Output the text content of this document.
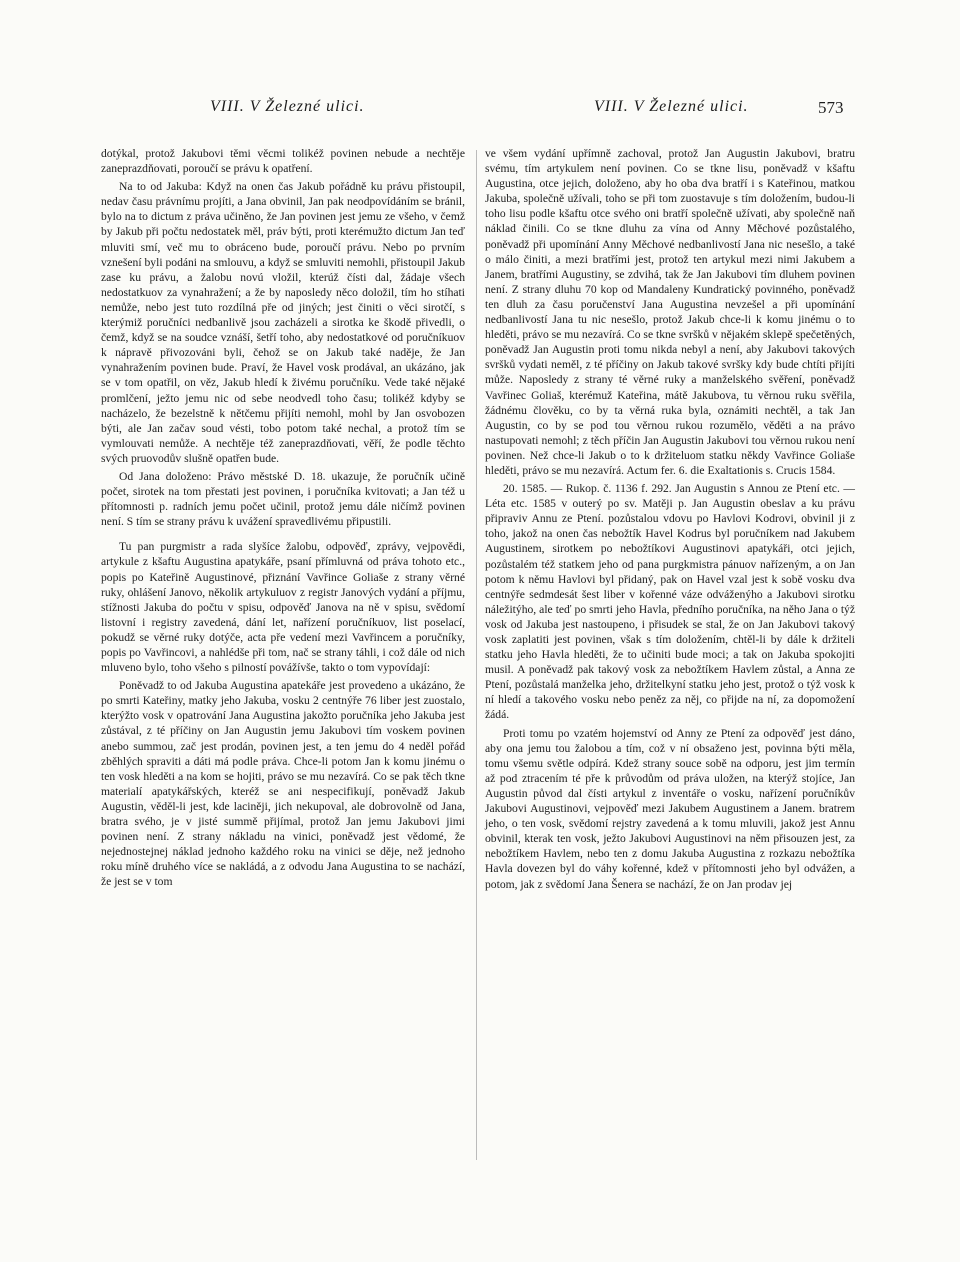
VIII. V Železné ulici.	VIII. V Železné ulici.	573

dotýkal, protož Jakubovi těmi věcmi tolikéž povinen nebude a nechtěje zaneprazdňovati, poroučí se právu k opatření.

Na to od Jakuba: Když na onen čas Jakub pořádně ku právu přistoupil, nedav času právnímu projíti, a Jana obvinil, Jan pak neodpovídáním se bránil, bylo na to dictum z práva učiněno, že Jan povinen jest jemu ze všeho, v čemž by Jakub při počtu nedostatek měl, práv býti, proti kterémužto dictum Jan teď mluviti smí, več mu to obráceno bude, poroučí právu. Nebo po prvním vznešení byli podáni na smlouvu, a když se smluviti nemohli, přistoupil Jakub zase ku právu, a žalobu novú vložil, kterúž čísti dal, žádaje všech nedostatkuov za vynahražení; a že by naposledy něco doložil, tím ho stíhati nemůže, nebo jest tuto rozdílná pře od jiných; jest činiti o věci sirotčí, s kterýmiž poručníci nedbanlivě jsou zacházeli a sirotka ke škodě přivedli, o čemž, když se na soudce vznáší, šetří toho, aby nedostatkové od poručníkuov k nápravě přivozováni byli, čehož se on Jakub také naděje, že Jan vynahražením povinen bude. Praví, že Havel vosk prodával, an ukázáno, jak se v tom opatřil, on věz, Jakub hledí k živému poručníku. Vede také nějaké promlčení, ježto jemu nic od sebe neodvedl toho času; tolikéž kdyby se nacházelo, že bezelstně k nětčemu přijíti nemohl, mohl by Jan osvobozen býti, ale Jan začav soud vésti, tobo potom také nechal, a protož tím se vymlouvati nemůže. A nechtěje též zaneprazdňovati, věří, že podle těchto svých pruovodův slušně opatřen bude.

Od Jana doloženo: Právo městské D. 18. ukazuje, že poručník učině počet, sirotek na tom přestati jest povinen, i poručníka kvitovati; a Jan též u přítomnosti p. radních jemu počet učinil, protož jemu dále ničímž povinen není. S tím se strany právu k uvážení spravedlivému připustili.

Tu pan purgmistr a rada slyšíce žalobu, odpověď, zprávy, vejpovědi, artykule z kšaftu Augustina apatykáře, psaní přímluvná od práva tohoto etc., popis po Kateřině Augustinové, přiznání Vavřince Goliaše z strany věrné ruky, ohlášení Janovo, několik artykuluov z registr Janových vydání a příjmu, stížnosti Jakuba do počtu v spisu, odpověď Janova na ně v spisu, svědomí listovní i registry zavedená, dání let, nařízení poručníkuov, list poselací, pokudž se věrné ruky dotýče, acta pře vedení mezi Vavřincem a poručníky, popis po Vavřincovi, a nahlédše při tom, nač se strany táhli, i což dále od nich mluveno bylo, toho všeho s pilností povážívše, takto o tom vypovídají:

Poněvadž to od Jakuba Augustina apatekáře jest provedeno a ukázáno, že po smrti Kateřiny, matky jeho Jakuba, vosku 2 centnýře 76 liber jest zuostalo, kterýžto vosk v opatrování Jana Augustina jakožto poručníka jeho Jakuba jest zůstával, z té příčiny on Jan Augustin jemu Jakubovi tím voskem povinen anebo summou, zač jest prodán, povinen jest, a ten jemu do 4 neděl pořád zběhlých spraviti a dáti má podle práva. Chce-li potom Jan k komu jinému o ten vosk hleděti a na kom se hojiti, právo se mu nezavírá. Co se pak těch tkne materialí apatykářských, kteréž se ani nespecifikují, poněvadž Jakub Augustin, věděl-li jest, kde laciněji, jich nekupoval, ale dobrovolně od Jana, bratra svého, je v jisté summě přijímal, protož Jan jemu Jakubovi jimi povinen není. Z strany nákladu na vinici, poněvadž jest vědomé, že nejednostejnej náklad jednoho každého roku na vinici se děje, než jednoho roku míně druhého více se nakládá, a z odvodu Jana Augustina to se nachází, že jest se v tom

ve všem vydání upřímně zachoval, protož Jan Augustin Jakubovi, bratru svému, tím artykulem není povinen. Co se tkne lisu, poněvadž v kšaftu Augustina, otce jejich, doloženo, aby ho oba dva bratří i s Kateřinou, matkou Jakuba, společně užívali, toho se při tom zuostavuje s tím doložením, budou-li toho lisu podle kšaftu otce svého oni bratří společně užívati, aby společně naň náklad činili. Co se tkne dluhu za vína od Anny Měchové pozůstalého, poněvadž při upomínání Anny Měchové nedbanlivostí Jana nic nesešlo, a také o málo činiti, a mezi bratřími jest, protož ten artykul mezi nimi Jakubem a Janem, bratřími Augustiny, se zdvihá, tak že Jan Jakubovi tím dluhem povinen není. Z strany dluhu 70 kop od Mandaleny Kundratický povinného, poněvadž ten dluh za času poručenství Jana Augustina nevzešel a při upomínání nedbanlivostí Jana tu nic nesešlo, protož Jakub chce-li k komu jinému o to hleděti, právo se mu nezavírá. Co se tkne svršků v nějakém sklepě spečetěných, poněvadž Jan Augustin proti tomu nikda nebyl a není, aby Jakubovi takových svršků vydati neměl, z té příčiny on Jakub takové svršky kdy bude chtíti přijíti může. Naposledy z strany té věrné ruky a manželského svěření, poněvadž Vavřinec Goliaš, kterémuž Kateřina, mátě Jakubova, tu věrnou ruku svěřila, žádnému člověku, co by ta věrná ruka byla, oznámiti nechtěl, a tak Jan Augustin, co by se pod tou věrnou rukou rozumělo, věděti a na právo nastupovati nemohl; z těch příčin Jan Augustin Jakubovi tou věrnou rukou není povinen. Než chce-li Jakub o to k držiteluom statku někdy Vavřince Goliaše hleděti, právo se mu nezavírá. Actum fer. 6. die Exaltationis s. Crucis 1584.

20. 1585. — Rukop. č. 1136 f. 292. Jan Augustin s Annou ze Ptení etc. — Léta etc. 1585 v outerý po sv. Matěji p. Jan Augustin obeslav a ku právu připraviv Annu ze Ptení. pozůstalou vdovu po Havlovi Kodrovi, obvinil ji z toho, jakož na onen čas nebožtík Havel Kodrus byl poručníkem nad Jakubem Augustinem, sirotkem po nebožtíkovi Augustinovi apatykáři, otci jejich, pozůstalém též statkem jeho od pana purgkmistra pánuov nařízeným, a on Jan potom k němu Havlovi byl přidaný, pak on Havel vzal jest k sobě vosku dva centnýře sedmdesát šest liber v kořenné váze odváženýho a Jakubovi sirotku náležitýho, ale teď po smrti jeho Havla, předního poručníka, na něho Jana o týž vosk od Jakuba jest nastoupeno, i přisudek se stal, že on Jan Jakubovi takový vosk zaplatiti jest povinen, však s tím doložením, chtěl-li by dále k držiteli statku jeho Havla hleděti, že to učiniti bude moci; a tak on Jakuba spokojiti musil. A poněvadž pak takový vosk za nebožtíkem Havlem zůstal, a Anna ze Ptení, pozůstalá manželka jeho, držitelkyní statku jeho jest, protož o týž vosk k ní hledí a takového vosku nebo peněz za něj, co přijde na ní, za dopomožení žádá.

Proti tomu po vzatém hojemství od Anny ze Ptení za odpověď jest dáno, aby ona jemu tou žalobou a tím, což v ní obsaženo jest, povinna býti měla, tomu všemu světle odpírá. Kdež strany souce sobě na odporu, jest jim termín až pod ztracením té pře k průvodům od práva uložen, na kterýž stojíce, Jan Augustin původ dal čísti artykul z inventáře o vosku, nařízení poručníkův Jakubovi Augustinovi, vejpověď mezi Jakubem Augustinem a Janem. bratrem jeho, o ten vosk, svědomí rejstry zavedená a k tomu mluvili, jakož jest Annu obvinil, kterak ten vosk, ježto Jakubovi Augustinovi na něm přisouzen jest, za nebožtíkem Havlem, nebo ten z domu Jakuba Augustina z rozkazu nebožtíka Havla dovezen byl do váhy kořenné, kdež v přítomnosti jeho byl odvážen, a potom, jak z svědomí Jana Šenera se nachází, že on Jan prodav jej
